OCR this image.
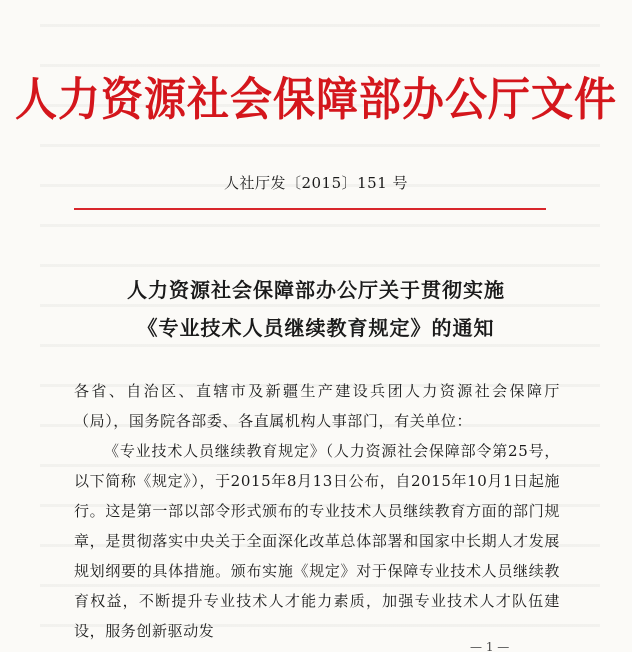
人力资源社会保障部办公厅文件
人社厅发〔2015〕151 号
人力资源社会保障部办公厅关于贯彻实施
《专业技术人员继续教育规定》的通知

各省、自治区、直辖市及新疆生产建设兵团人力资源社会保障厅（局），国务院各部委、各直属机构人事部门，有关单位：

《专业技术人员继续教育规定》（人力资源社会保障部令第25号，以下简称《规定》），于2015年8月13日公布，自2015年10月1日起施行。这是第一部以部令形式颁布的专业技术人员继续教育方面的部门规章，是贯彻落实中央关于全面深化改革总体部署和国家中长期人才发展规划纲要的具体措施。颁布实施《规定》对于保障专业技术人员继续教育权益，不断提升专业技术人才能力素质，加强专业技术人才队伍建设，服务创新驱动发

— 1 —
